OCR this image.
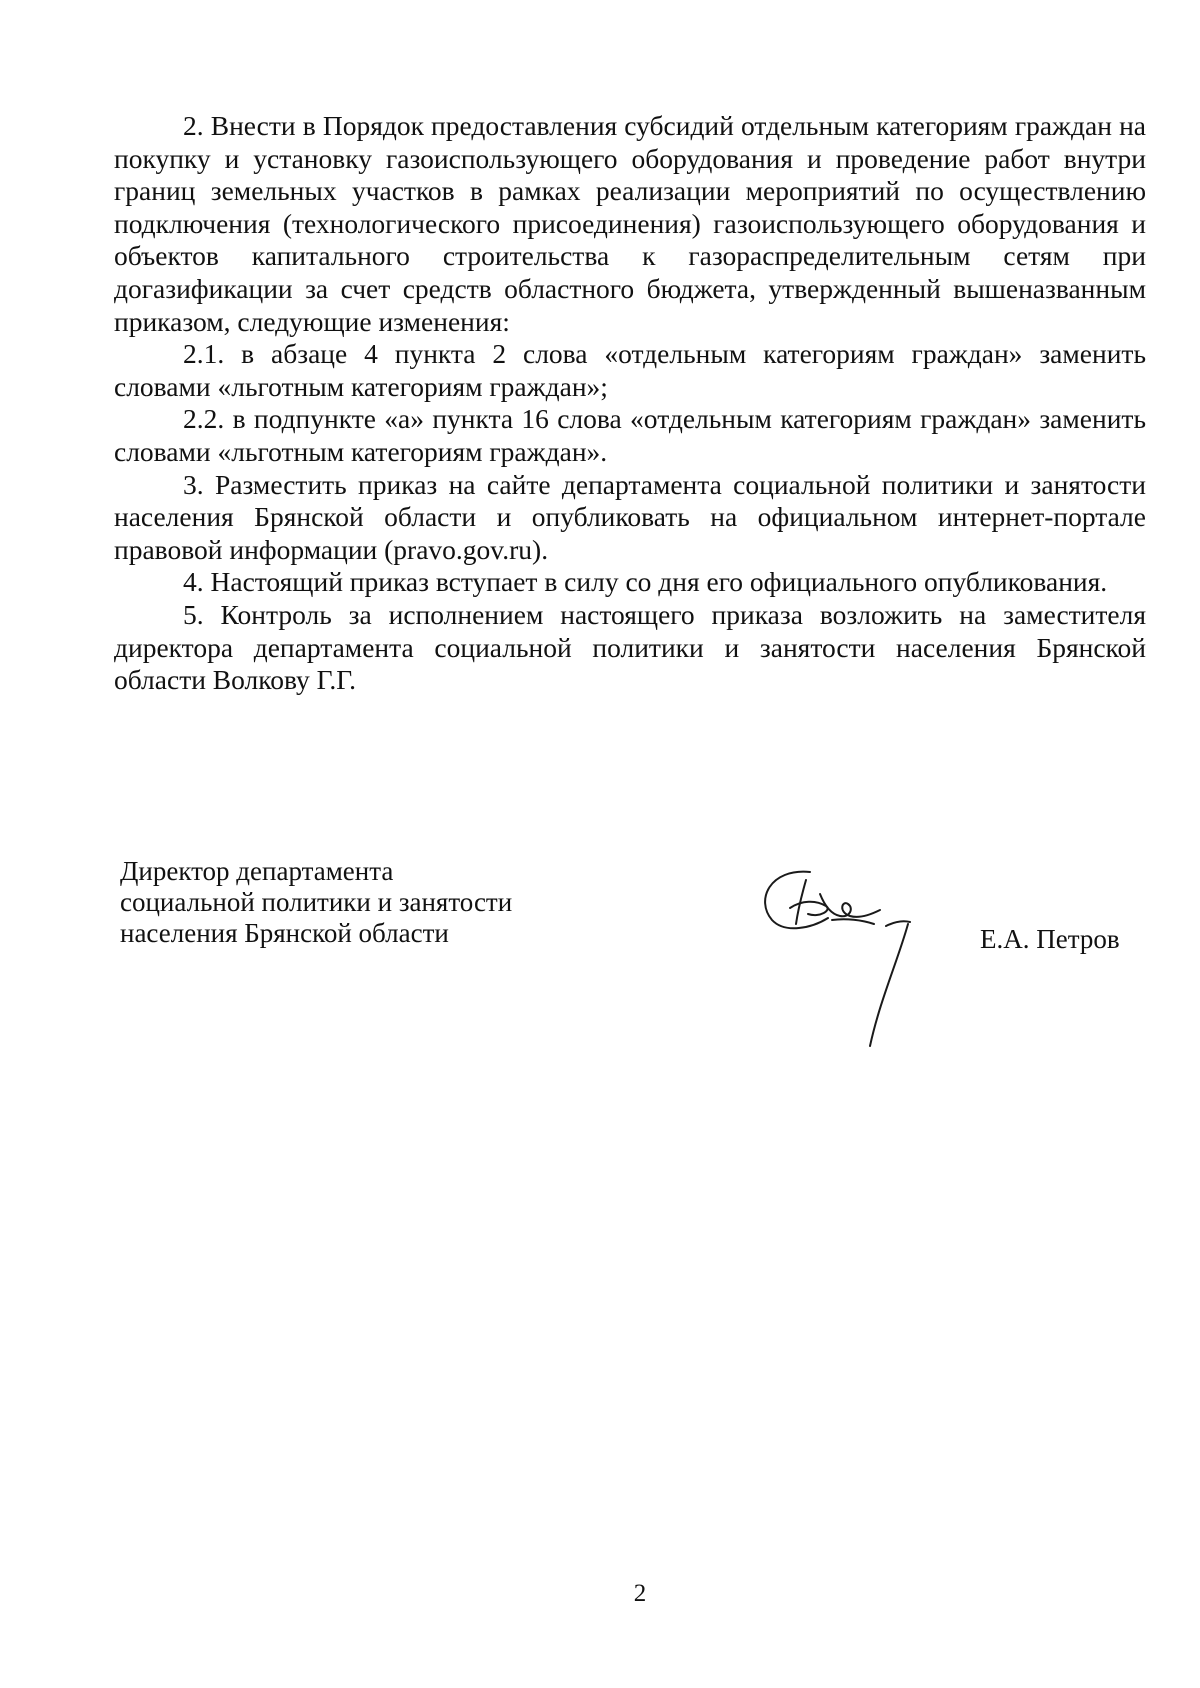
2. Внести в Порядок предоставления субсидий отдельным категориям граждан на покупку и установку газоиспользующего оборудования и проведение работ внутри границ земельных участков в рамках реализации мероприятий по осуществлению подключения (технологического присоединения) газоиспользующего оборудования и объектов капитального строительства к газораспределительным сетям при догазификации за счет средств областного бюджета, утвержденный вышеназванным приказом, следующие изменения:

2.1. в абзаце 4 пункта 2 слова «отдельным категориям граждан» заменить словами «льготным категориям граждан»;

2.2. в подпункте «а» пункта 16 слова «отдельным категориям граждан» заменить словами «льготным категориям граждан».

3. Разместить приказ на сайте департамента социальной политики и занятости населения Брянской области и опубликовать на официальном интернет-портале правовой информации (pravo.gov.ru).

4. Настоящий приказ вступает в силу со дня его официального опубликования.

5. Контроль за исполнением настоящего приказа возложить на заместителя директора департамента социальной политики и занятости населения Брянской области Волкову Г.Г.

Директор департамента
социальной политики и занятости
населения Брянской области	Е.А. Петров
2
